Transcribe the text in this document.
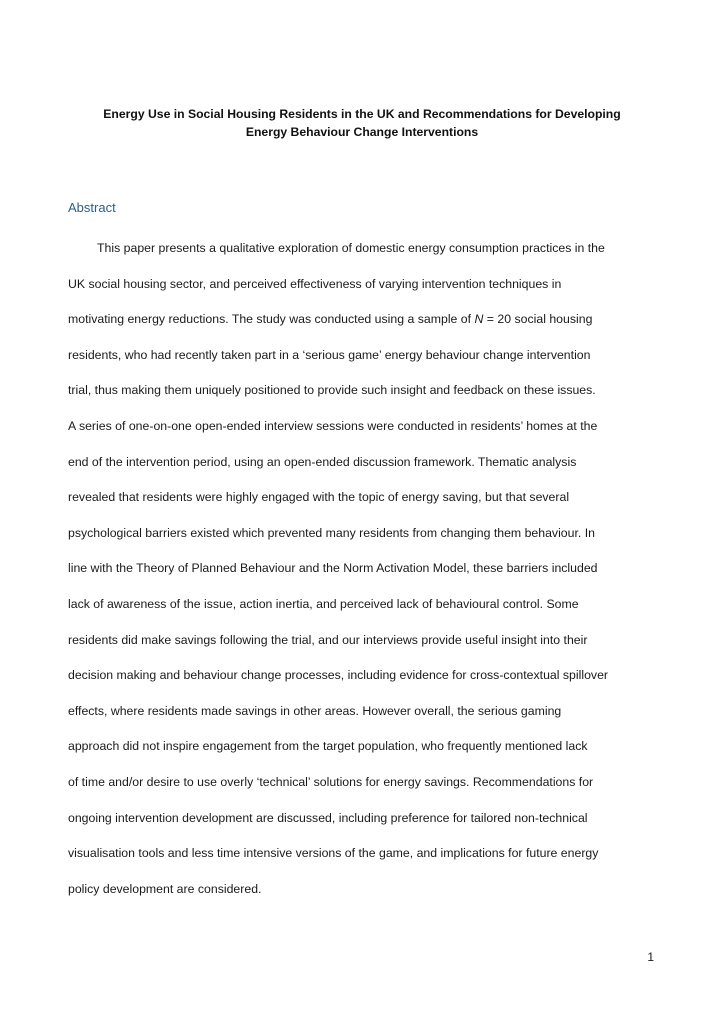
Energy Use in Social Housing Residents in the UK and Recommendations for Developing
Energy Behaviour Change Interventions
Abstract
This paper presents a qualitative exploration of domestic energy consumption practices in the
UK social housing sector, and perceived effectiveness of varying intervention techniques in
motivating energy reductions. The study was conducted using a sample of N = 20 social housing
residents, who had recently taken part in a ‘serious game’ energy behaviour change intervention
trial, thus making them uniquely positioned to provide such insight and feedback on these issues.
A series of one-on-one open-ended interview sessions were conducted in residents’ homes at the
end of the intervention period, using an open-ended discussion framework. Thematic analysis
revealed that residents were highly engaged with the topic of energy saving, but that several
psychological barriers existed which prevented many residents from changing them behaviour. In
line with the Theory of Planned Behaviour and the Norm Activation Model, these barriers included
lack of awareness of the issue, action inertia, and perceived lack of behavioural control. Some
residents did make savings following the trial, and our interviews provide useful insight into their
decision making and behaviour change processes, including evidence for cross-contextual spillover
effects, where residents made savings in other areas. However overall, the serious gaming
approach did not inspire engagement from the target population, who frequently mentioned lack
of time and/or desire to use overly ‘technical’ solutions for energy savings. Recommendations for
ongoing intervention development are discussed, including preference for tailored non-technical
visualisation tools and less time intensive versions of the game, and implications for future energy
policy development are considered.
1
